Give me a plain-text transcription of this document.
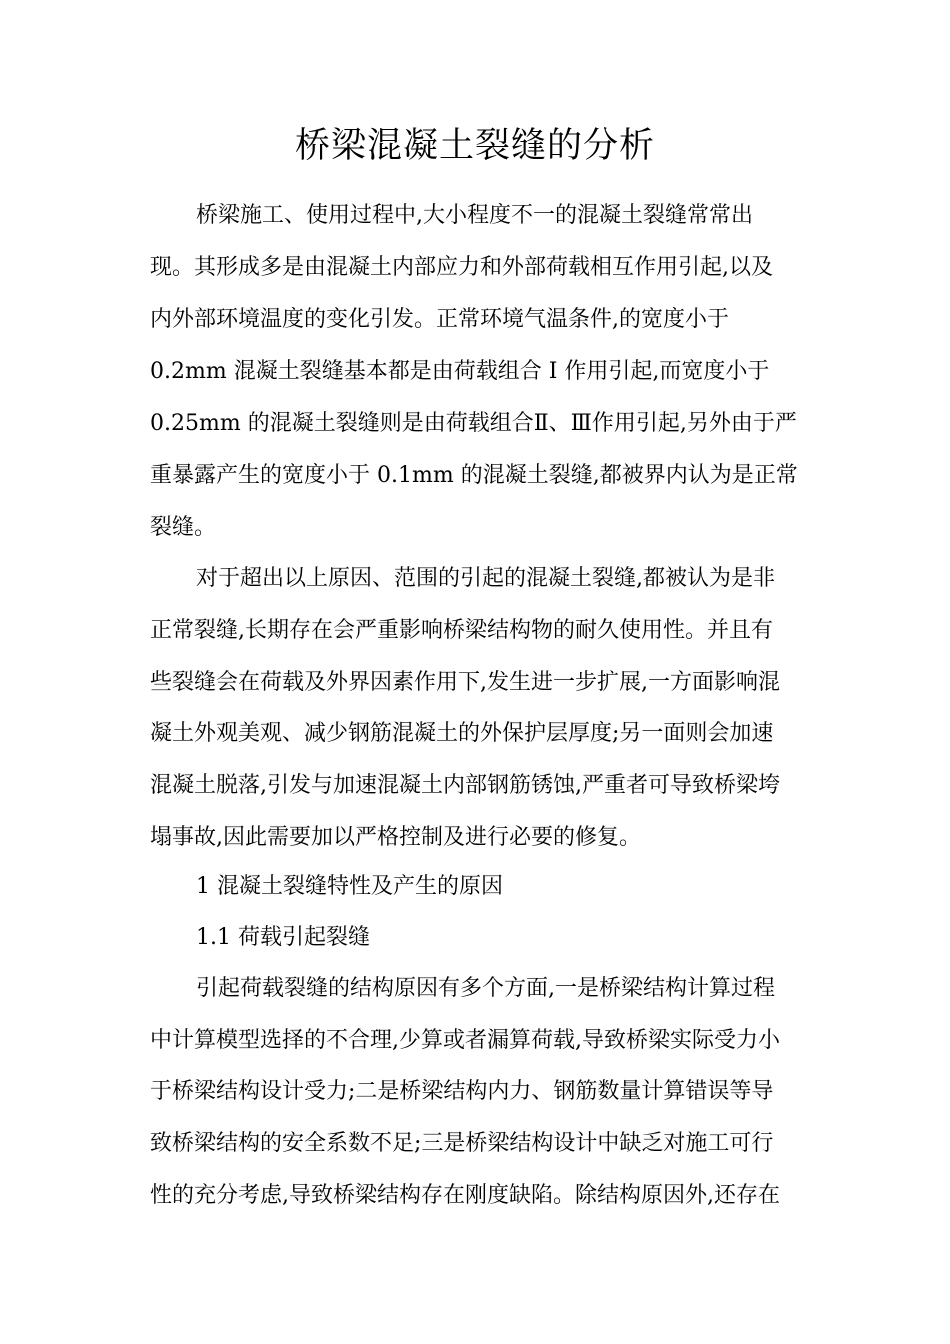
桥梁混凝土裂缝的分析

桥梁施工、使用过程中,大小程度不一的混凝土裂缝常常出

现。其形成多是由混凝土内部应力和外部荷载相互作用引起,以及

内外部环境温度的变化引发。正常环境气温条件,的宽度小于

0.2mm 混凝土裂缝基本都是由荷载组合 I 作用引起,而宽度小于

0.25mm 的混凝土裂缝则是由荷载组合Ⅱ、Ⅲ作用引起,另外由于严

重暴露产生的宽度小于 0.1mm 的混凝土裂缝,都被界内认为是正常

裂缝。

对于超出以上原因、范围的引起的混凝土裂缝,都被认为是非

正常裂缝,长期存在会严重影响桥梁结构物的耐久使用性。并且有

些裂缝会在荷载及外界因素作用下,发生进一步扩展,一方面影响混

凝土外观美观、减少钢筋混凝土的外保护层厚度;另一面则会加速

混凝土脱落,引发与加速混凝土内部钢筋锈蚀,严重者可导致桥梁垮

塌事故,因此需要加以严格控制及进行必要的修复。

1 混凝土裂缝特性及产生的原因

1.1 荷载引起裂缝

引起荷载裂缝的结构原因有多个方面,一是桥梁结构计算过程

中计算模型选择的不合理,少算或者漏算荷载,导致桥梁实际受力小

于桥梁结构设计受力;二是桥梁结构内力、钢筋数量计算错误等导

致桥梁结构的安全系数不足;三是桥梁结构设计中缺乏对施工可行

性的充分考虑,导致桥梁结构存在刚度缺陷。除结构原因外,还存在
